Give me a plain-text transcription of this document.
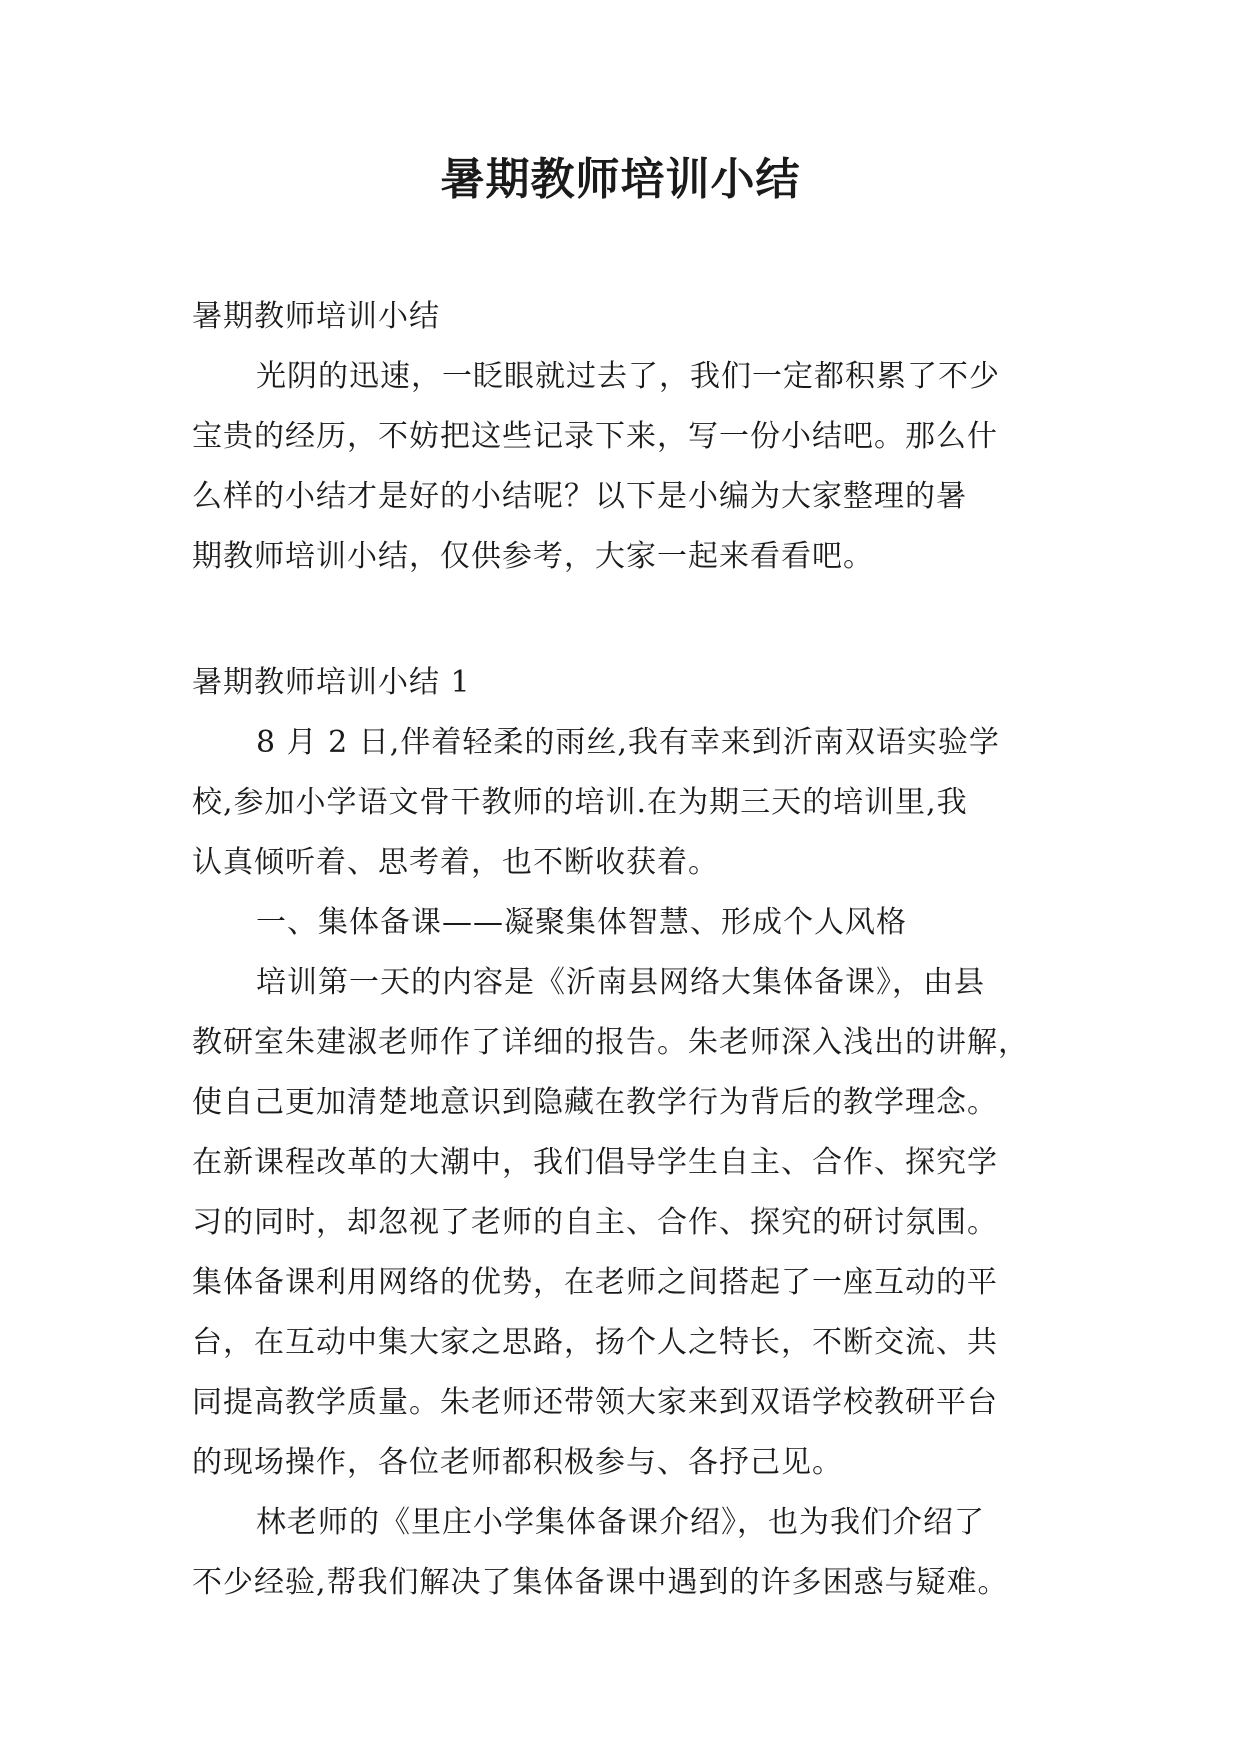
暑期教师培训小结
暑期教师培训小结
光阴的迅速，一眨眼就过去了，我们一定都积累了不少
宝贵的经历，不妨把这些记录下来，写一份小结吧。那么什
么样的小结才是好的小结呢？以下是小编为大家整理的暑
期教师培训小结，仅供参考，大家一起来看看吧。
暑期教师培训小结 1
8 月 2 日,伴着轻柔的雨丝,我有幸来到沂南双语实验学
校,参加小学语文骨干教师的培训.在为期三天的培训里,我
认真倾听着、思考着，也不断收获着。
一、集体备课——凝聚集体智慧、形成个人风格
培训第一天的内容是《沂南县网络大集体备课》，由县
教研室朱建淑老师作了详细的报告。朱老师深入浅出的讲解，
使自己更加清楚地意识到隐藏在教学行为背后的教学理念。
在新课程改革的大潮中，我们倡导学生自主、合作、探究学
习的同时，却忽视了老师的自主、合作、探究的研讨氛围。
集体备课利用网络的优势，在老师之间搭起了一座互动的平
台，在互动中集大家之思路，扬个人之特长，不断交流、共
同提高教学质量。朱老师还带领大家来到双语学校教研平台
的现场操作，各位老师都积极参与、各抒己见。
林老师的《里庄小学集体备课介绍》，也为我们介绍了
不少经验,帮我们解决了集体备课中遇到的许多困惑与疑难。
